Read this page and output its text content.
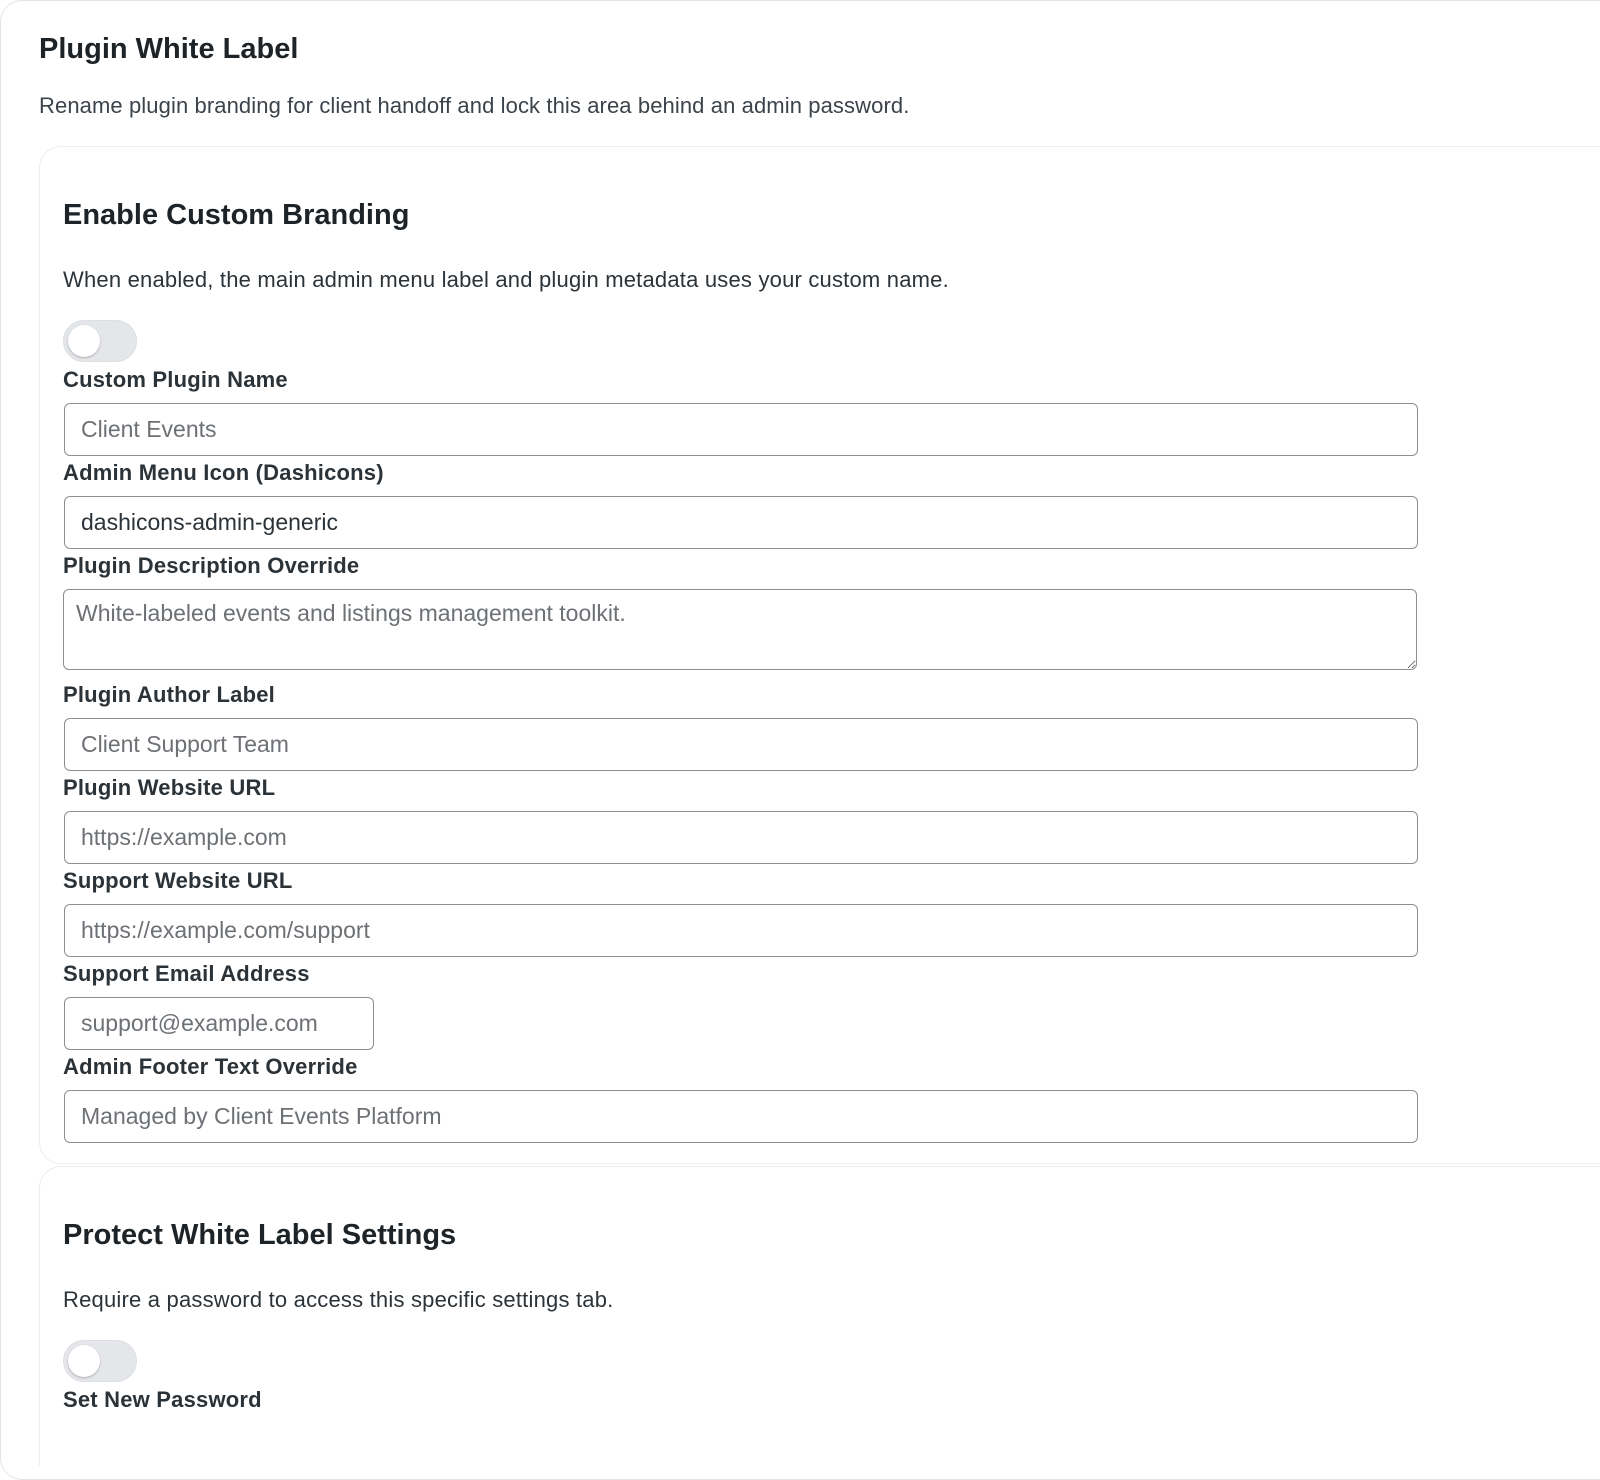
Plugin White Label

Rename plugin branding for client handoff and lock this area behind an admin password.

Enable Custom Branding

When enabled, the main admin menu label and plugin metadata uses your custom name.

Custom Plugin Name
Client Events
Admin Menu Icon (Dashicons)
dashicons-admin-generic
Plugin Description Override
White-labeled events and listings management toolkit.
Plugin Author Label
Client Support Team
Plugin Website URL
https://example.com
Support Website URL
https://example.com/support
Support Email Address
support@example.com
Admin Footer Text Override
Managed by Client Events Platform
Protect White Label Settings

Require a password to access this specific settings tab.

Set New Password
